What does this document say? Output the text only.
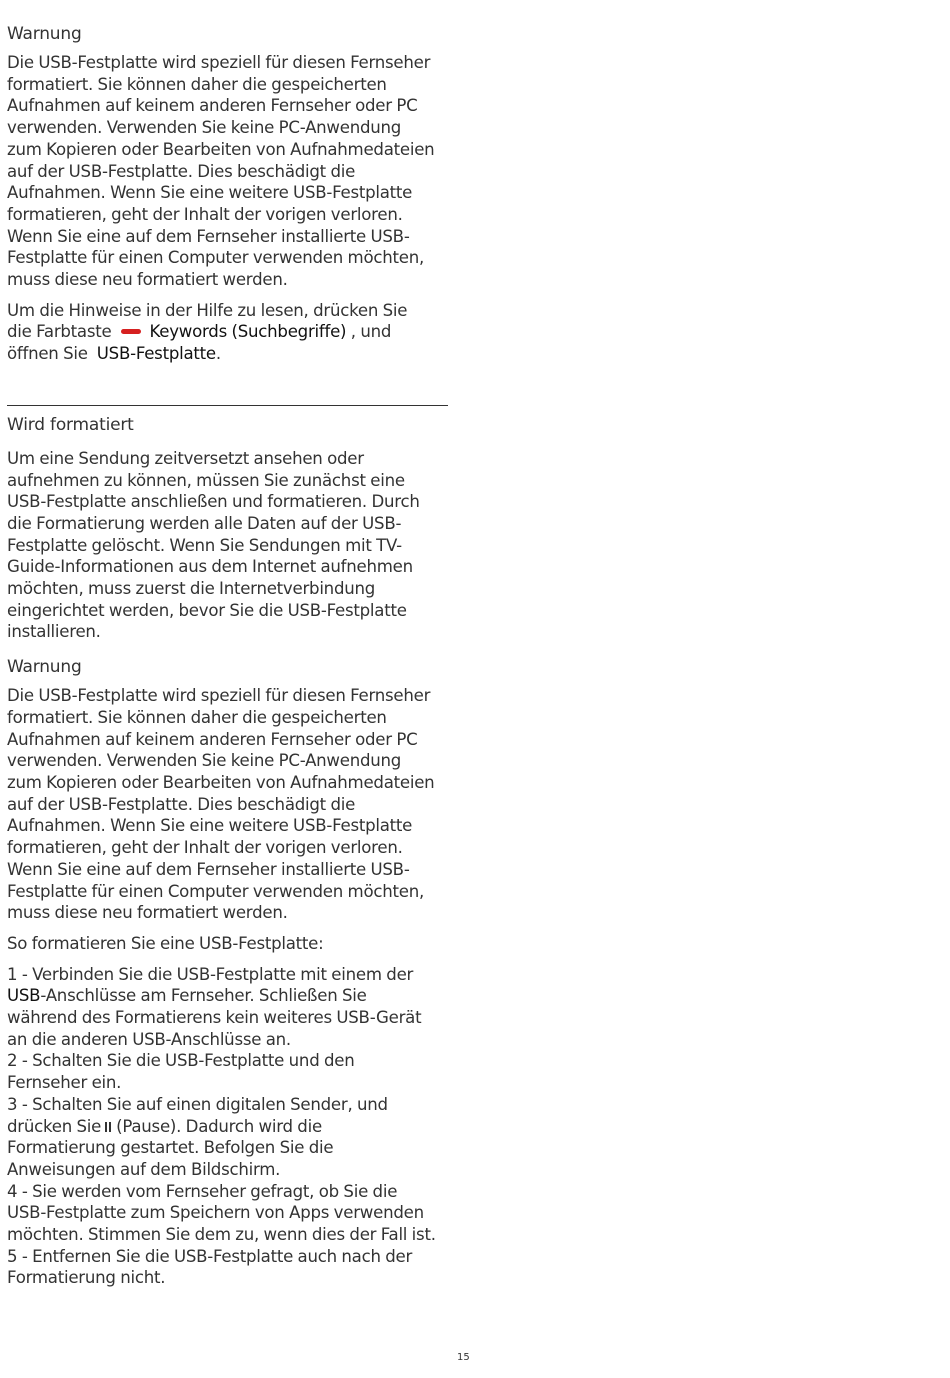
Warnung

Die USB-Festplatte wird speziell für diesen Fernseher
formatiert. Sie können daher die gespeicherten
Aufnahmen auf keinem anderen Fernseher oder PC
verwenden. Verwenden Sie keine PC-Anwendung
zum Kopieren oder Bearbeiten von Aufnahmedateien
auf der USB-Festplatte. Dies beschädigt die
Aufnahmen. Wenn Sie eine weitere USB-Festplatte
formatieren, geht der Inhalt der vorigen verloren.
Wenn Sie eine auf dem Fernseher installierte USB-
Festplatte für einen Computer verwenden möchten,
muss diese neu formatiert werden.

Um die Hinweise in der Hilfe zu lesen, drücken Sie
die Farbtaste Keywords (Suchbegriffe) , und
öffnen Sie USB-Festplatte.

Wird formatiert

Um eine Sendung zeitversetzt ansehen oder
aufnehmen zu können, müssen Sie zunächst eine
USB-Festplatte anschließen und formatieren. Durch
die Formatierung werden alle Daten auf der USB-
Festplatte gelöscht. Wenn Sie Sendungen mit TV-
Guide-Informationen aus dem Internet aufnehmen
möchten, muss zuerst die Internetverbindung
eingerichtet werden, bevor Sie die USB-Festplatte
installieren.

Warnung

Die USB-Festplatte wird speziell für diesen Fernseher
formatiert. Sie können daher die gespeicherten
Aufnahmen auf keinem anderen Fernseher oder PC
verwenden. Verwenden Sie keine PC-Anwendung
zum Kopieren oder Bearbeiten von Aufnahmedateien
auf der USB-Festplatte. Dies beschädigt die
Aufnahmen. Wenn Sie eine weitere USB-Festplatte
formatieren, geht der Inhalt der vorigen verloren.
Wenn Sie eine auf dem Fernseher installierte USB-
Festplatte für einen Computer verwenden möchten,
muss diese neu formatiert werden.

So formatieren Sie eine USB-Festplatte:

1 - Verbinden Sie die USB-Festplatte mit einem der
USB-Anschlüsse am Fernseher. Schließen Sie
während des Formatierens kein weiteres USB-Gerät
an die anderen USB-Anschlüsse an.
2 - Schalten Sie die USB-Festplatte und den
Fernseher ein.
3 - Schalten Sie auf einen digitalen Sender, und
drücken Sie (Pause). Dadurch wird die
Formatierung gestartet. Befolgen Sie die
Anweisungen auf dem Bildschirm.
4 - Sie werden vom Fernseher gefragt, ob Sie die
USB-Festplatte zum Speichern von Apps verwenden
möchten. Stimmen Sie dem zu, wenn dies der Fall ist.
5 - Entfernen Sie die USB-Festplatte auch nach der
Formatierung nicht.

15
